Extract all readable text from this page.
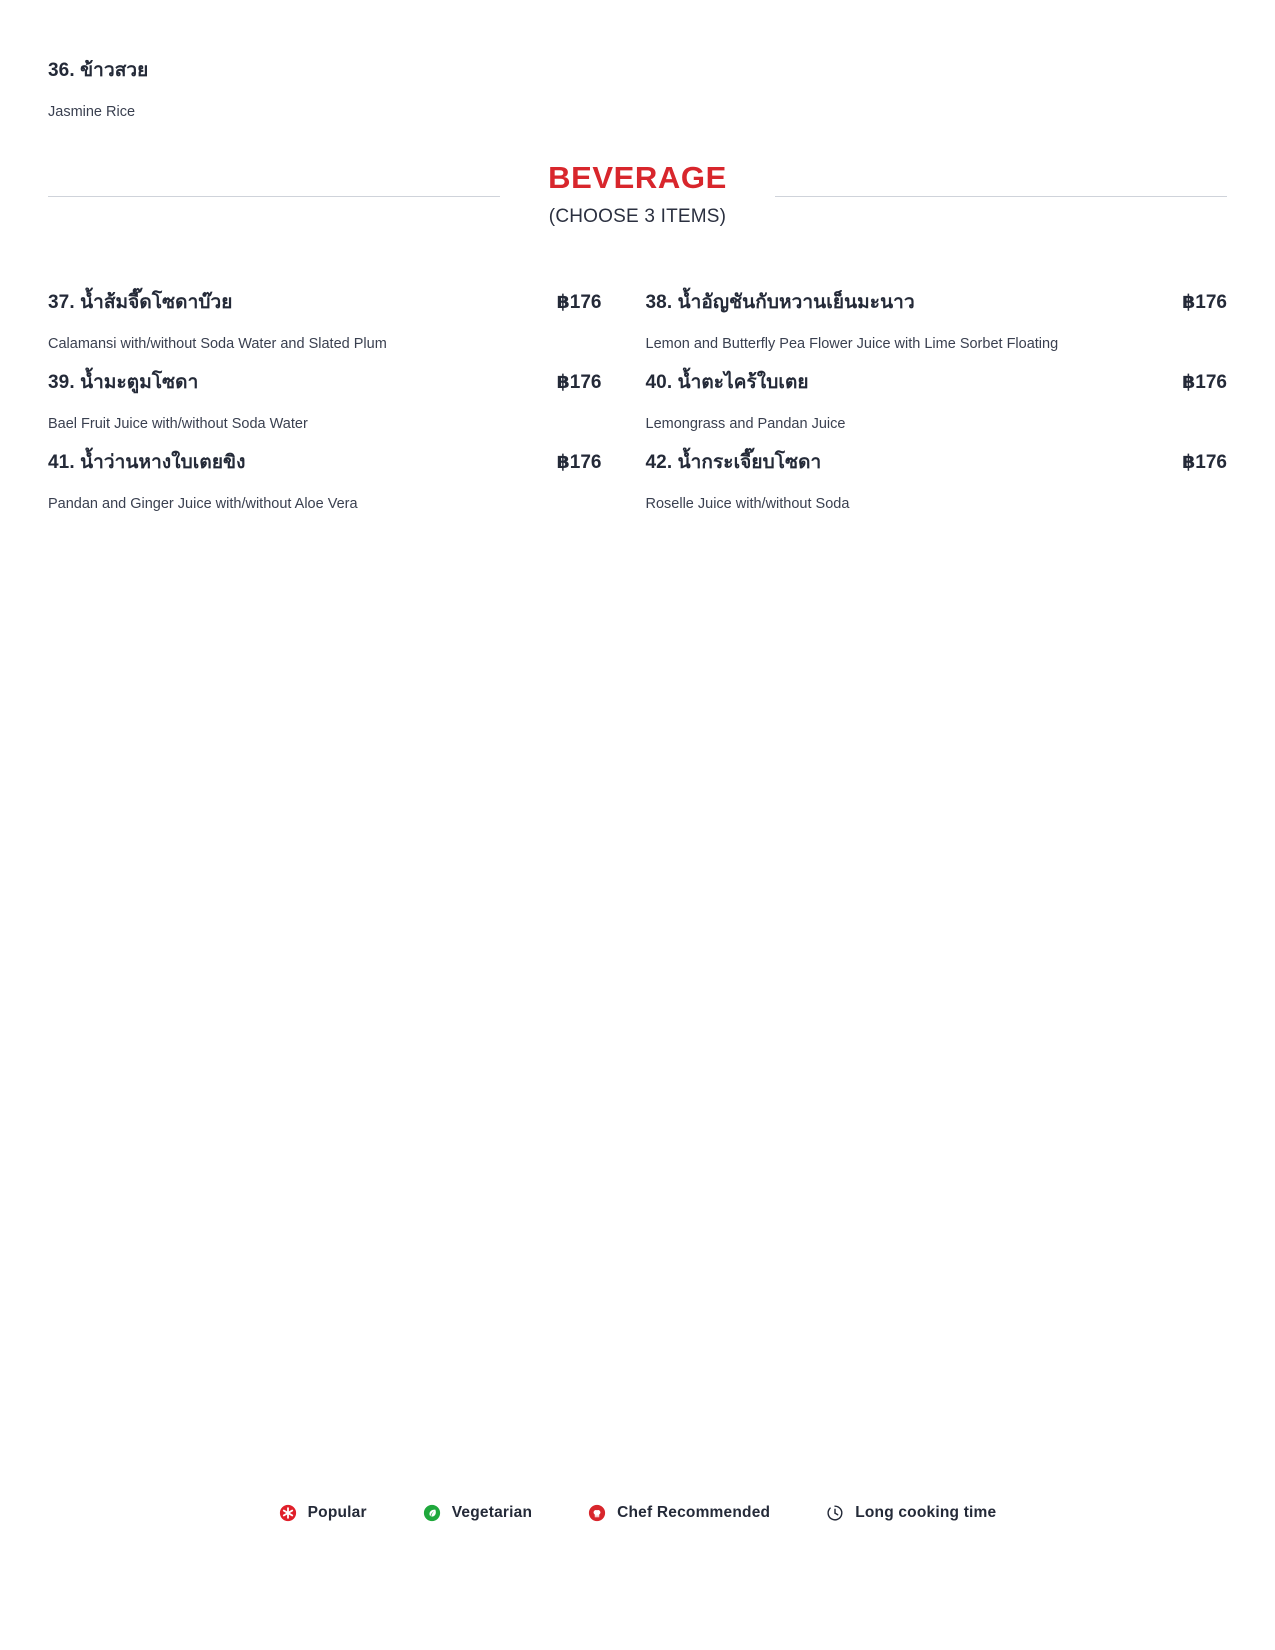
36. ข้าวสวย
Jasmine Rice
BEVERAGE
(CHOOSE 3 ITEMS)
37. น้ำส้มจี๊ดโซดาบ๊วย	฿176
Calamansi with/without Soda Water and Slated Plum
38. น้ำอัญชันกับหวานเย็นมะนาว	฿176
Lemon and Butterfly Pea Flower Juice with Lime Sorbet Floating
39. น้ำมะตูมโซดา	฿176
Bael Fruit Juice with/without Soda Water
40. น้ำตะไคร้ใบเตย	฿176
Lemongrass and Pandan Juice
41. น้ำว่านหางใบเตยขิง	฿176
Pandan and Ginger Juice with/without Aloe Vera
42. น้ำกระเจี๊ยบโซดา	฿176
Roselle Juice with/without Soda
Popular	Vegetarian	Chef Recommended	Long cooking time
